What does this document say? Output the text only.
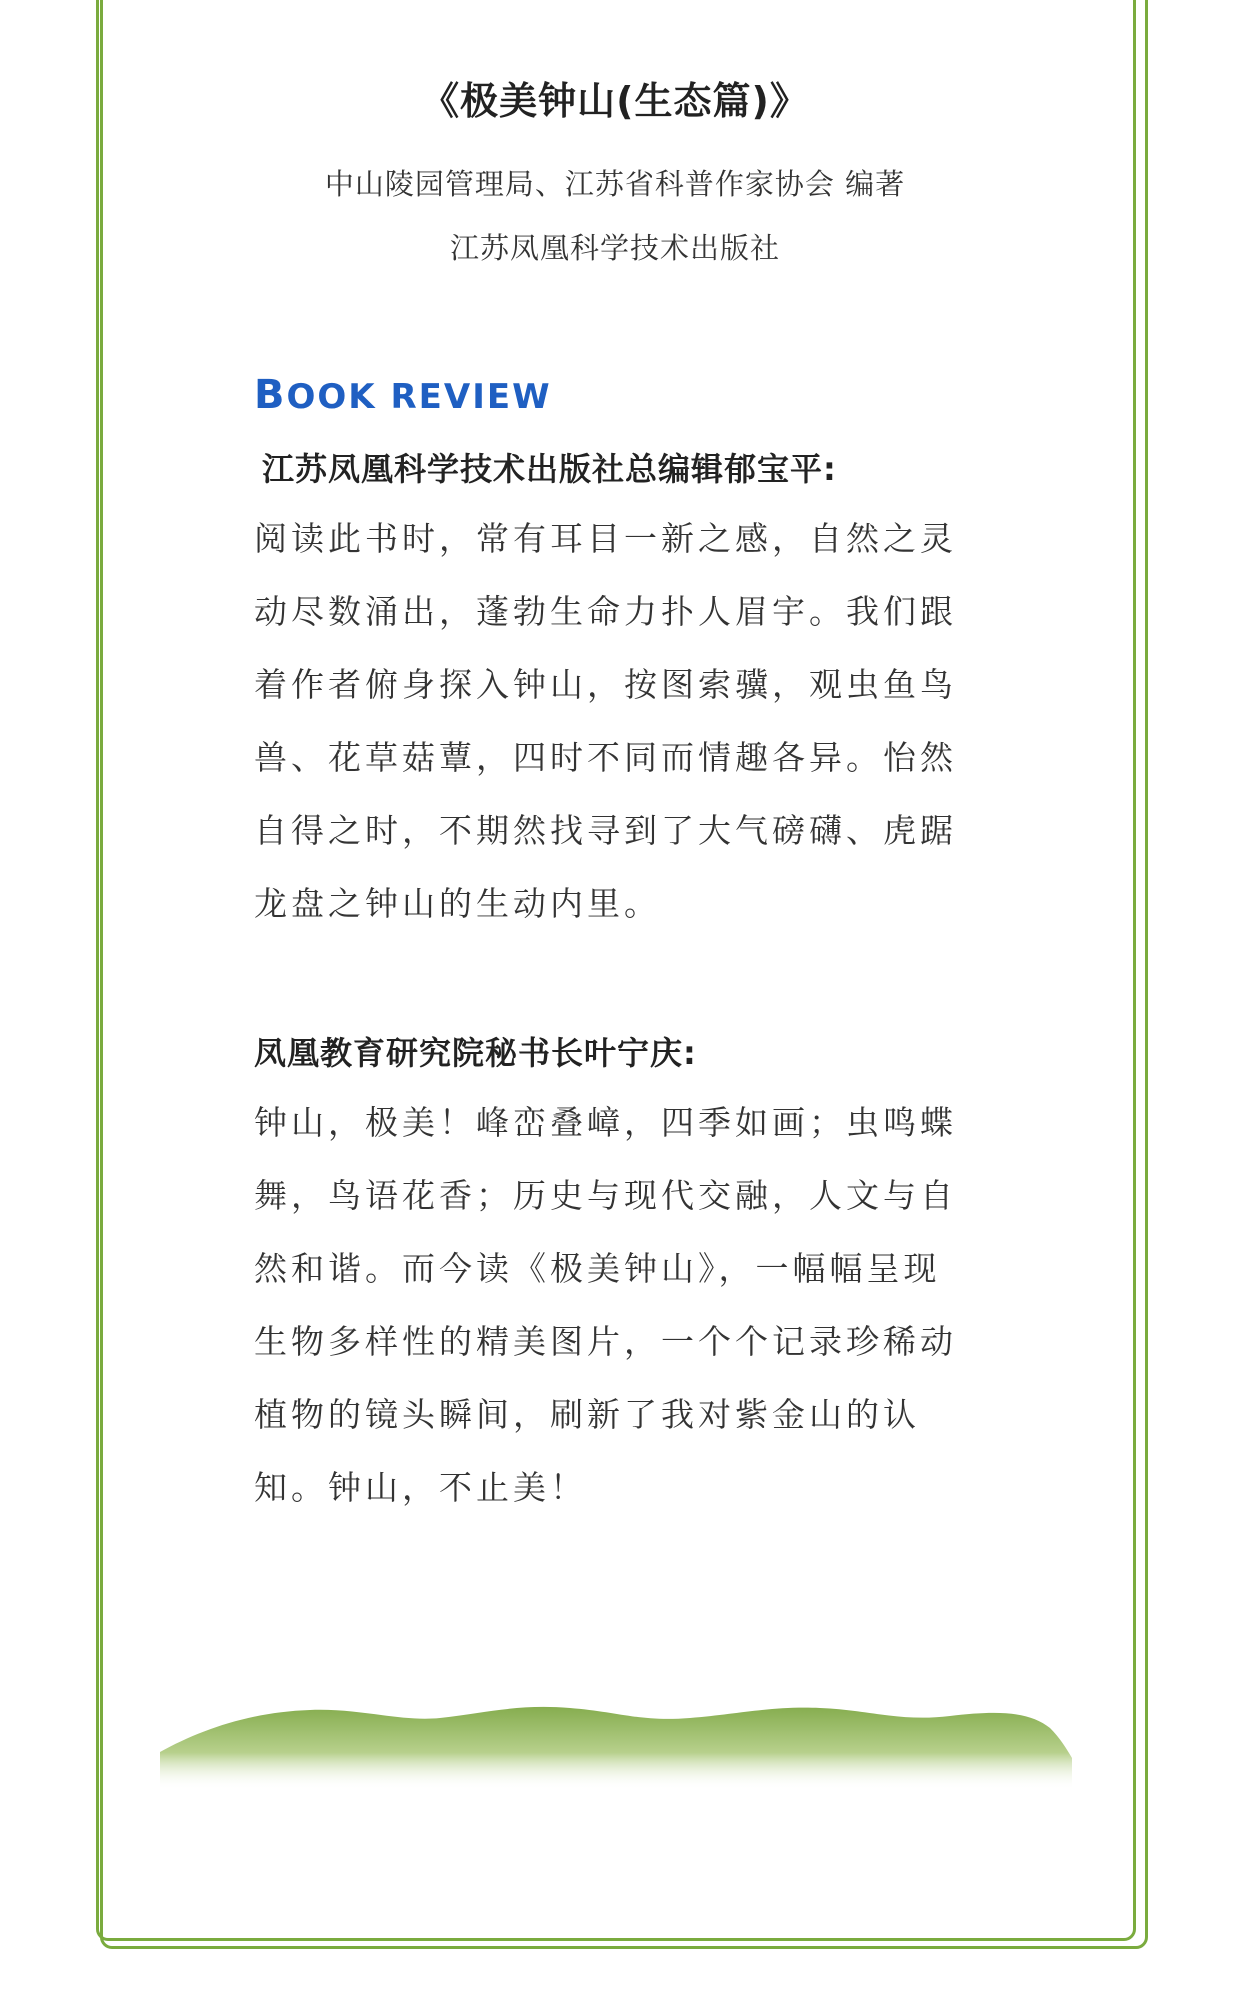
《极美钟山(生态篇)》
中山陵园管理局、江苏省科普作家协会 编著
江苏凤凰科学技术出版社
BOOK REVIEW

江苏凤凰科学技术出版社总编辑郁宝平:

阅读此书时，常有耳目一新之感，自然之灵动尽数涌出，蓬勃生命力扑人眉宇。我们跟着作者俯身探入钟山，按图索骥，观虫鱼鸟兽、花草菇蕈，四时不同而情趣各异。怡然自得之时，不期然找寻到了大气磅礴、虎踞龙盘之钟山的生动内里。

凤凰教育研究院秘书长叶宁庆:

钟山，极美！峰峦叠嶂，四季如画；虫鸣蝶舞，鸟语花香；历史与现代交融，人文与自然和谐。而今读《极美钟山》，一幅幅呈现生物多样性的精美图片，一个个记录珍稀动植物的镜头瞬间，刷新了我对紫金山的认知。钟山，不止美！
